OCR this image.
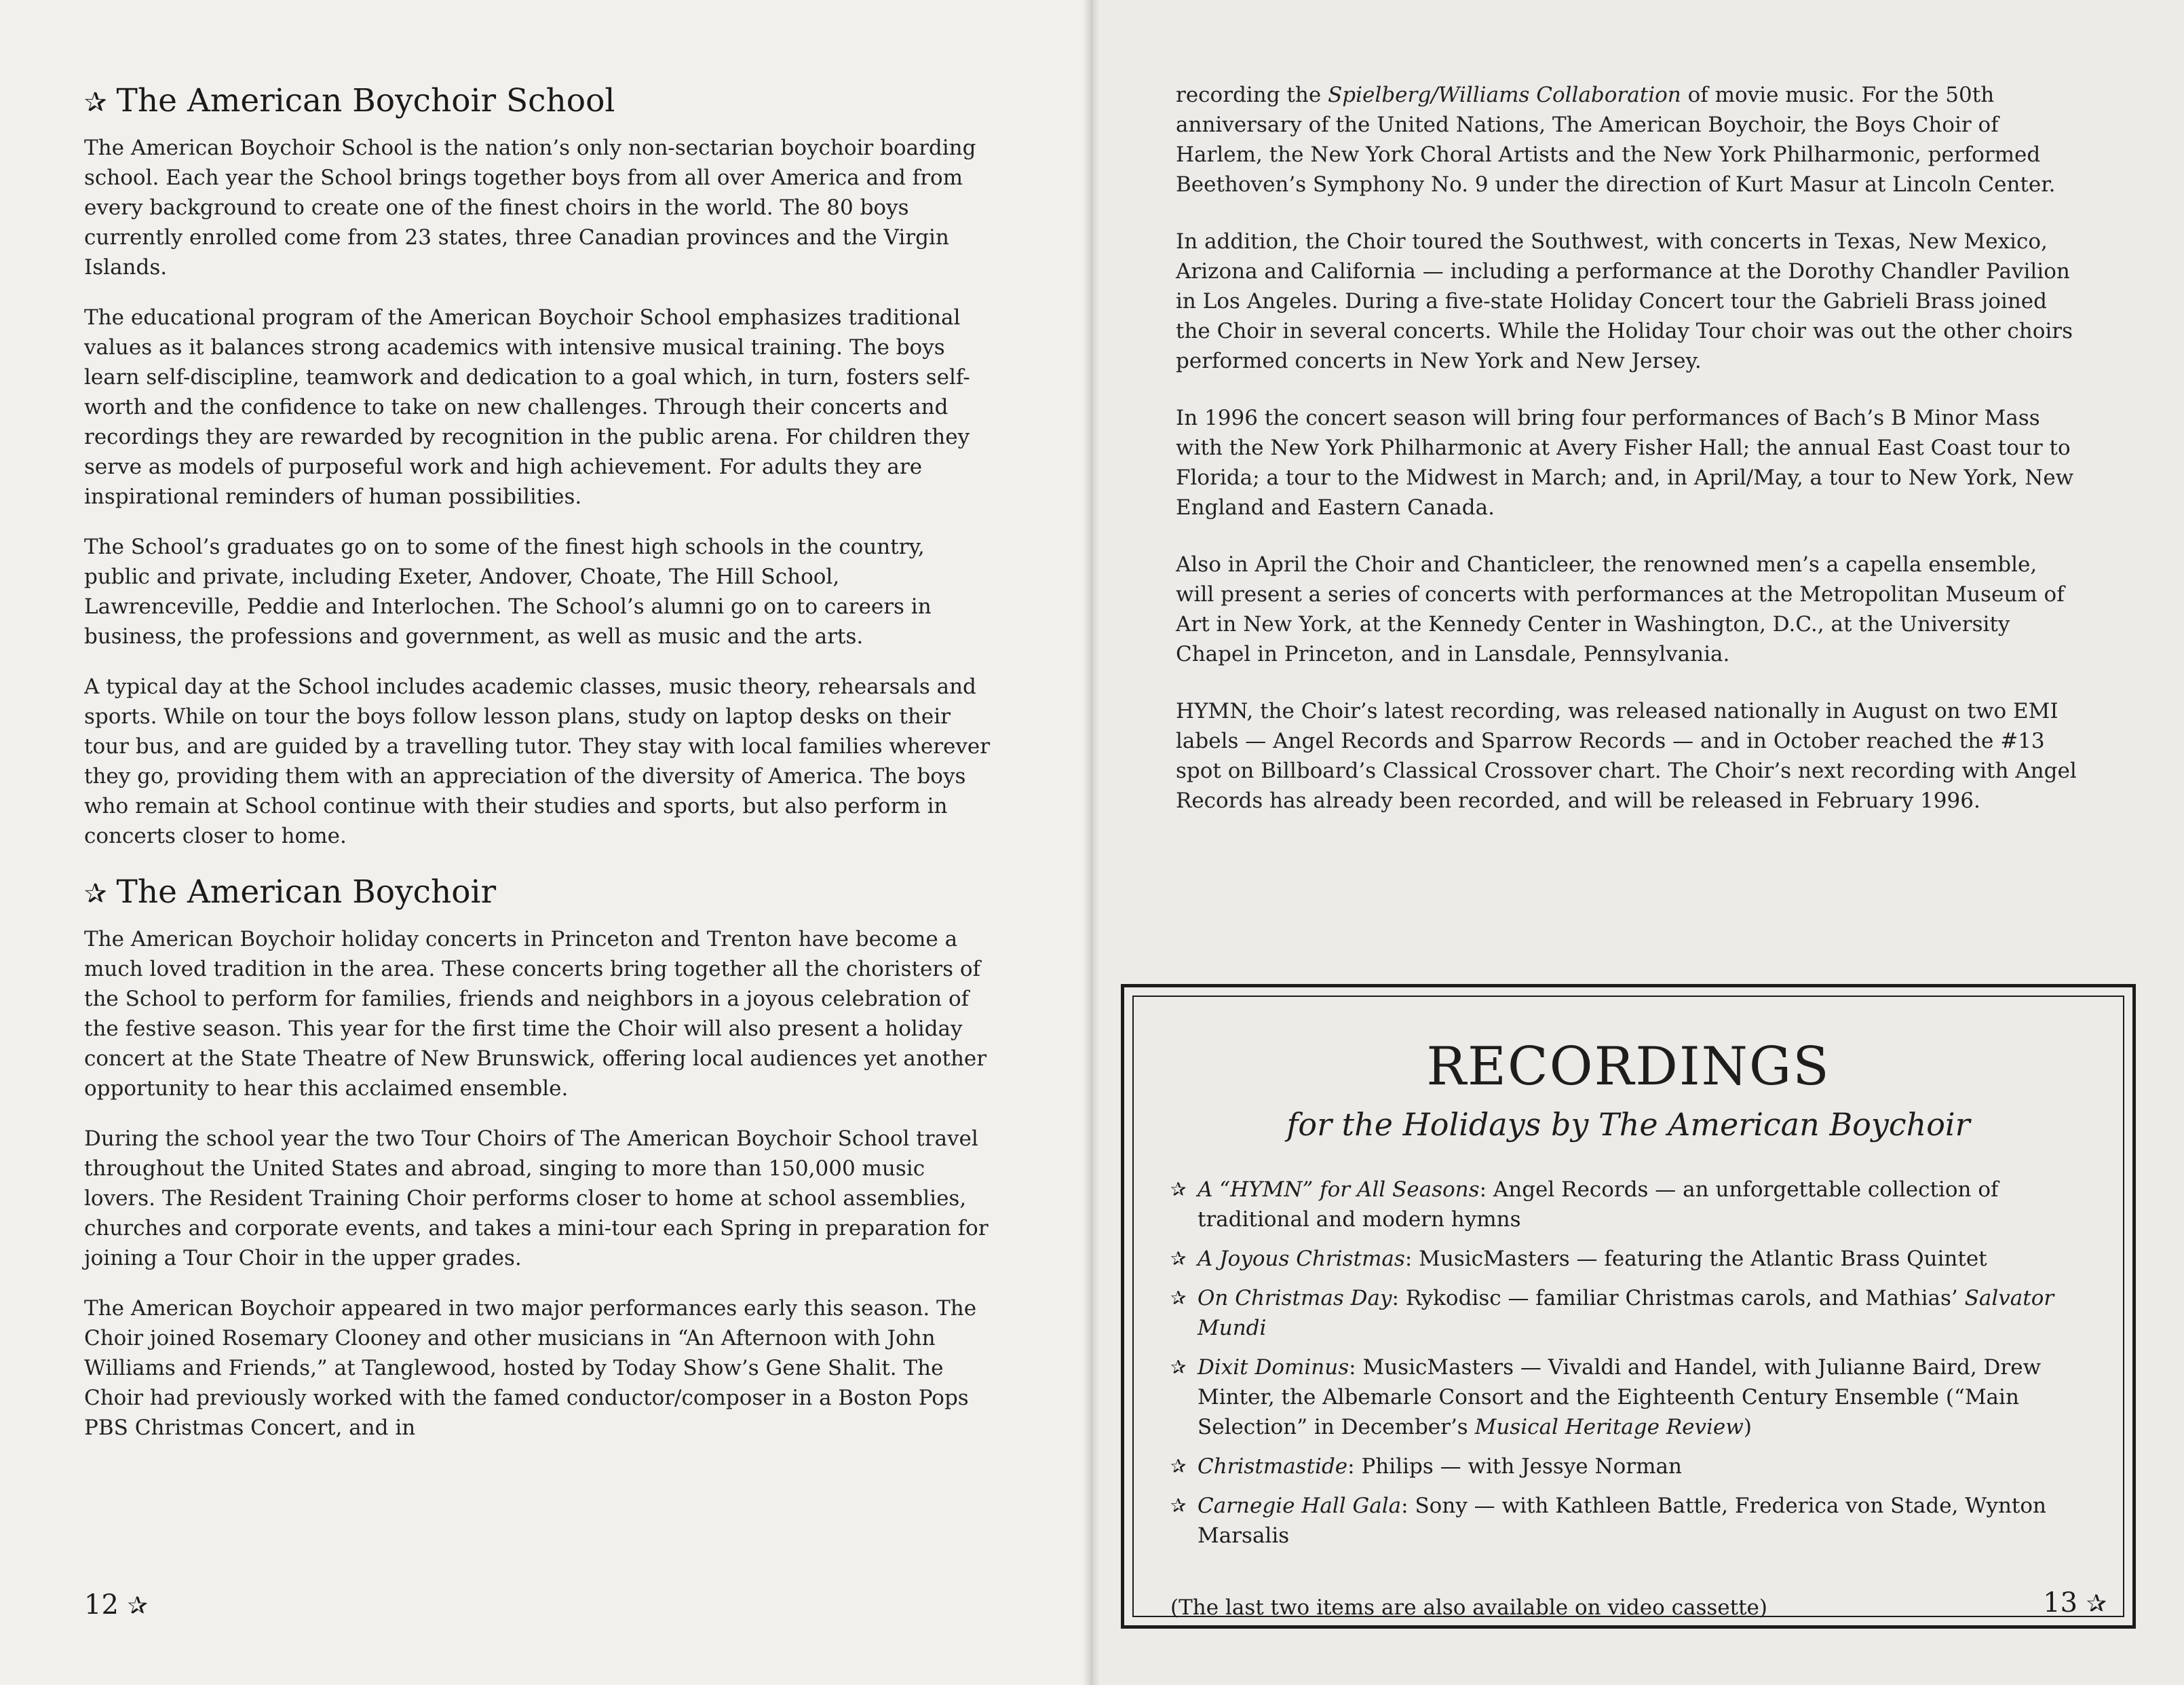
✰ The American Boychoir School

The American Boychoir School is the nation’s only non-sectarian boychoir boarding school. Each year the School brings together boys from all over America and from every background to create one of the finest choirs in the world. The 80 boys currently enrolled come from 23 states, three Canadian provinces and the Virgin Islands.

The educational program of the American Boychoir School emphasizes traditional values as it balances strong academics with intensive musical training. The boys learn self-discipline, teamwork and dedication to a goal which, in turn, fosters self-worth and the confidence to take on new challenges. Through their concerts and recordings they are rewarded by recognition in the public arena. For children they serve as models of purposeful work and high achievement. For adults they are inspirational reminders of human possibilities.

The School’s graduates go on to some of the finest high schools in the country, public and private, including Exeter, Andover, Choate, The Hill School, Lawrenceville, Peddie and Interlochen. The School’s alumni go on to careers in business, the professions and government, as well as music and the arts.

A typical day at the School includes academic classes, music theory, rehearsals and sports. While on tour the boys follow lesson plans, study on laptop desks on their tour bus, and are guided by a travelling tutor. They stay with local families wherever they go, providing them with an appreciation of the diversity of America. The boys who remain at School continue with their studies and sports, but also perform in concerts closer to home.

✰ The American Boychoir

The American Boychoir holiday concerts in Princeton and Trenton have become a much loved tradition in the area. These concerts bring together all the choristers of the School to perform for families, friends and neighbors in a joyous celebration of the festive season. This year for the first time the Choir will also present a holiday concert at the State Theatre of New Brunswick, offering local audiences yet another opportunity to hear this acclaimed ensemble.

During the school year the two Tour Choirs of The American Boychoir School travel throughout the United States and abroad, singing to more than 150,000 music lovers. The Resident Training Choir performs closer to home at school assemblies, churches and corporate events, and takes a mini-tour each Spring in preparation for joining a Tour Choir in the upper grades.

The American Boychoir appeared in two major performances early this season. The Choir joined Rosemary Clooney and other musicians in “An Afternoon with John Williams and Friends,” at Tanglewood, hosted by Today Show’s Gene Shalit. The Choir had previously worked with the famed conductor/composer in a Boston Pops PBS Christmas Concert, and in

12 ✰

recording the Spielberg/Williams Collaboration of movie music. For the 50th anniversary of the United Nations, The American Boychoir, the Boys Choir of Harlem, the New York Choral Artists and the New York Philharmonic, performed Beethoven’s Symphony No. 9 under the direction of Kurt Masur at Lincoln Center.

In addition, the Choir toured the Southwest, with concerts in Texas, New Mexico, Arizona and California — including a performance at the Dorothy Chandler Pavilion in Los Angeles. During a five-state Holiday Concert tour the Gabrieli Brass joined the Choir in several concerts. While the Holiday Tour choir was out the other choirs performed concerts in New York and New Jersey.

In 1996 the concert season will bring four performances of Bach’s B Minor Mass with the New York Philharmonic at Avery Fisher Hall; the annual East Coast tour to Florida; a tour to the Midwest in March; and, in April/May, a tour to New York, New England and Eastern Canada.

Also in April the Choir and Chanticleer, the renowned men’s a capella ensemble, will present a series of concerts with performances at the Metropolitan Museum of Art in New York, at the Kennedy Center in Washington, D.C., at the University Chapel in Princeton, and in Lansdale, Pennsylvania.

HYMN, the Choir’s latest recording, was released nationally in August on two EMI labels — Angel Records and Sparrow Records — and in October reached the #13 spot on Billboard’s Classical Crossover chart. The Choir’s next recording with Angel Records has already been recorded, and will be released in February 1996.

RECORDINGS
for the Holidays by The American Boychoir
✰ A “HYMN” for All Seasons: Angel Records — an unforgettable collection of traditional and modern hymns
✰ A Joyous Christmas: MusicMasters — featuring the Atlantic Brass Quintet
✰ On Christmas Day: Rykodisc — familiar Christmas carols, and Mathias’ Salvator Mundi
✰ Dixit Dominus: MusicMasters — Vivaldi and Handel, with Julianne Baird, Drew Minter, the Albemarle Consort and the Eighteenth Century Ensemble (“Main Selection” in December’s Musical Heritage Review)
✰ Christmastide: Philips — with Jessye Norman
✰ Carnegie Hall Gala: Sony — with Kathleen Battle, Frederica von Stade, Wynton Marsalis
(The last two items are also available on video cassette)	13 ✰
